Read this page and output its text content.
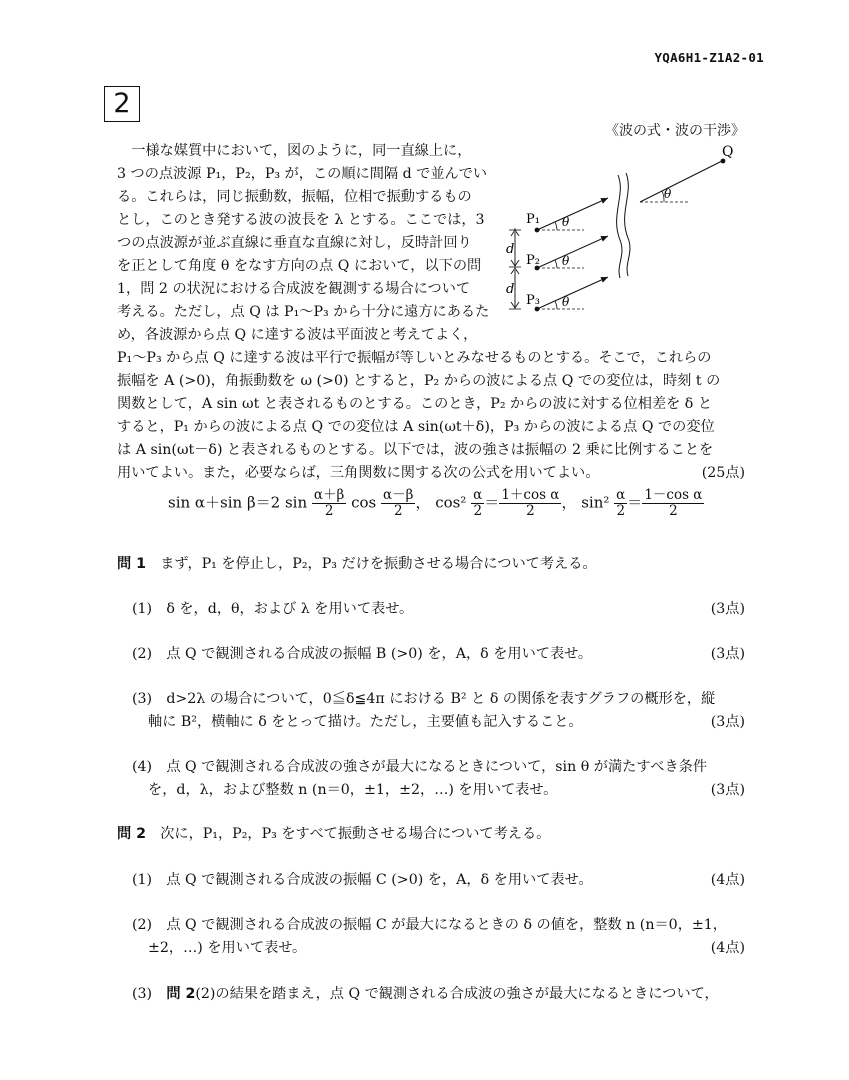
YQA6H1-Z1A2-01
2
《波の式・波の干渉》
d
d
P₁
P₂
P₃
θ
θ
θ
Q
θ
　一様な媒質中において，図のように，同一直線上に，
3 つの点波源 P₁，P₂，P₃ が，この順に間隔 d で並んでい
る。これらは，同じ振動数，振幅，位相で振動するもの
とし，このとき発する波の波長を λ とする。ここでは，3
つの点波源が並ぶ直線に垂直な直線に対し，反時計回り
を正として角度 θ をなす方向の点 Q において，以下の問
1，問 2 の状況における合成波を観測する場合について
考える。ただし，点 Q は P₁〜P₃ から十分に遠方にあるた
め，各波源から点 Q に達する波は平面波と考えてよく，
P₁〜P₃ から点 Q に達する波は平行で振幅が等しいとみなせるものとする。そこで，これらの
振幅を A (>0)，角振動数を ω (>0) とすると，P₂ からの波による点 Q での変位は，時刻 t の
関数として，A sin ωt と表されるものとする。このとき，P₂ からの波に対する位相差を δ と
すると，P₁ からの波による点 Q での変位は A sin(ωt＋δ)，P₃ からの波による点 Q での変位
は A sin(ωt－δ) と表されるものとする。以下では，波の強さは振幅の 2 乗に比例することを
用いてよい。また，必要ならば，三角関数に関する次の公式を用いてよい。	(25点)
sin α＋sin β＝2 $\sin \frac{\alpha+\beta}{2}$ $\cos \frac{\alpha-\beta}{2}$ ， $\cos^2 \frac{\alpha}{2} = \frac{\text{1＋cos α}}{2}$ ， $\sin^2 \frac{\alpha}{2} = \frac{\text{1－cos α}}{2}$
問 1　 まず，P₁ を停止し，P₂，P₃ だけを振動させる場合について考える。
(1)　 δ を，d，θ，および λ を用いて表せ。	(3点)
(2)　 点 Q で観測される合成波の振幅 B (>0) を，A，δ を用いて表せ。	(3点)
(3)　 d>2λ の場合について，0≦δ≦4π における B² と δ の関係を表すグラフの概形を，縦
軸に B²，横軸に δ をとって描け。ただし，主要値も記入すること。	(3点)
(4)　 点 Q で観測される合成波の強さが最大になるときについて，sin θ が満たすべき条件
を，d，λ，および整数 n (n＝0，±1，±2，…) を用いて表せ。	(3点)
問 2　 次に，P₁，P₂，P₃ をすべて振動させる場合について考える。
(1)　 点 Q で観測される合成波の振幅 C (>0) を，A，δ を用いて表せ。	(4点)
(2)　 点 Q で観測される合成波の振幅 C が最大になるときの δ の値を，整数 n (n＝0，±1，
±2，…) を用いて表せ。	(4点)
(3)　 問 2(2)の結果を踏まえ，点 Q で観測される合成波の強さが最大になるときについて，
